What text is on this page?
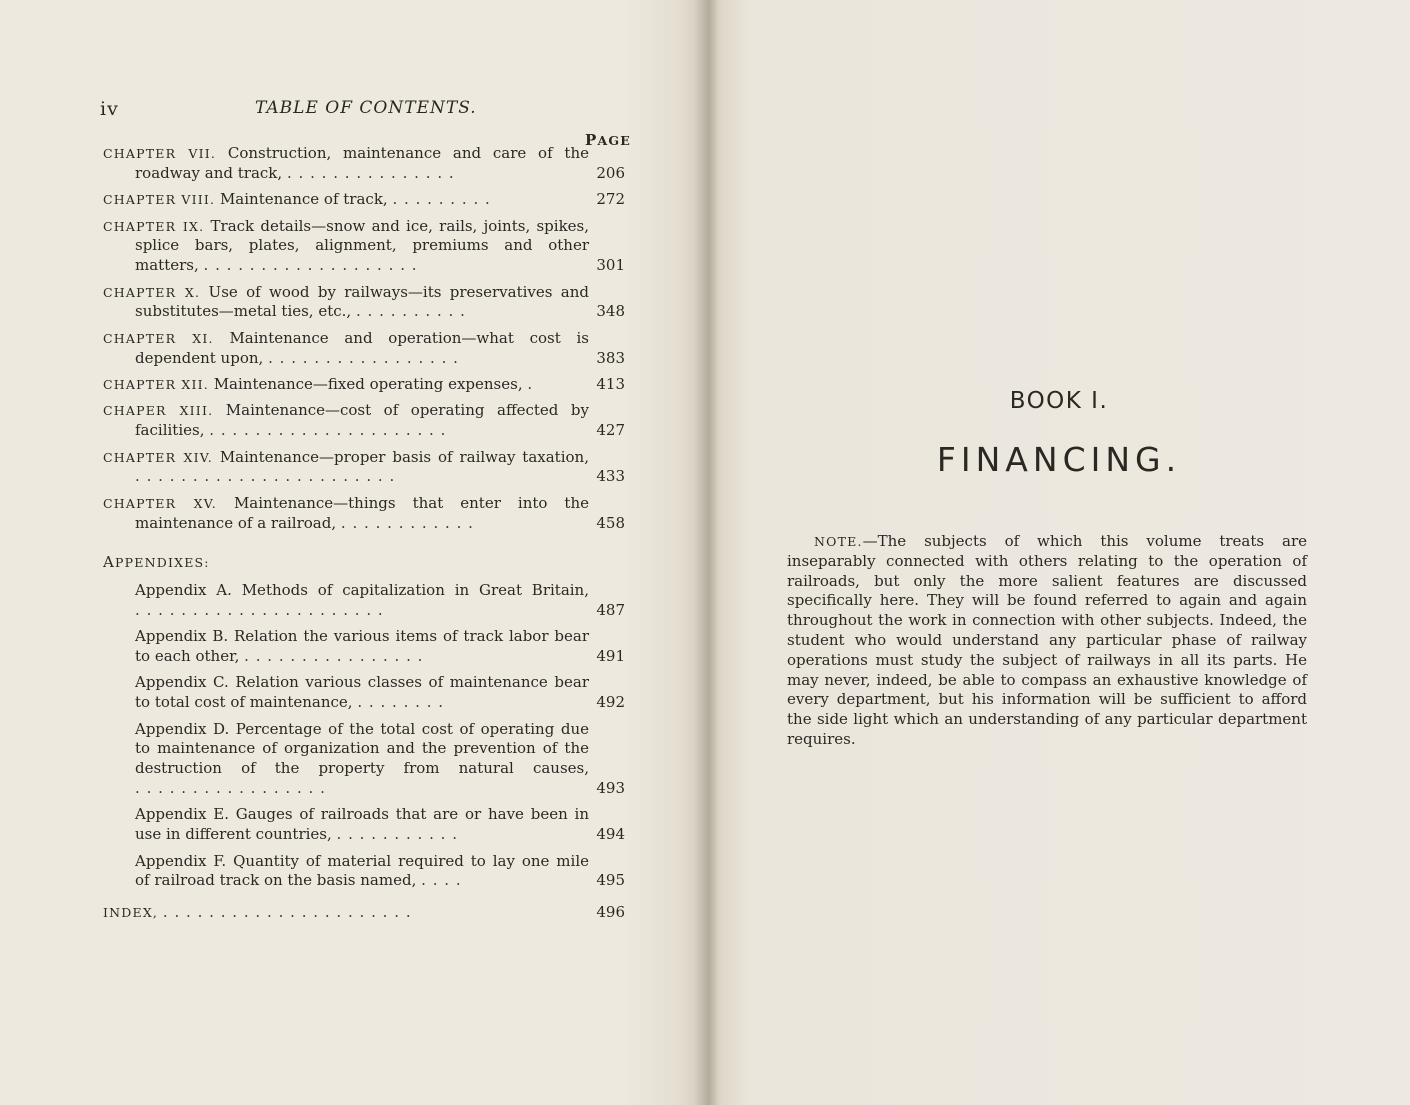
iv	TABLE OF CONTENTS.
PAGE
CHAPTER VII. Construction, maintenance and care of the roadway and track, ...............	206
CHAPTER VIII. Maintenance of track, .........	272
CHAPTER IX. Track details—snow and ice, rails, joints, spikes, splice bars, plates, alignment, premiums and other matters, ...................	301
CHAPTER X. Use of wood by railways—its preservatives and substitutes—metal ties, etc., ..........	348
CHAPTER XI. Maintenance and operation—what cost is dependent upon, .................	383
CHAPTER XII. Maintenance—fixed operating expenses, .	413
CHAPER XIII. Maintenance—cost of operating affected by facilities, .....................	427
CHAPTER XIV. Maintenance—proper basis of railway taxation, .......................	433
CHAPTER XV. Maintenance—things that enter into the maintenance of a railroad, ............	458
APPENDIXES:
Appendix A. Methods of capitalization in Great Britain, ......................	487
Appendix B. Relation the various items of track labor bear to each other, ................	491
Appendix C. Relation various classes of maintenance bear to total cost of maintenance, ........	492
Appendix D. Percentage of the total cost of operating due to maintenance of organization and the prevention of the destruction of the property from natural causes, .................	493
Appendix E. Gauges of railroads that are or have been in use in different countries, ...........	494
Appendix F. Quantity of material required to lay one mile of railroad track on the basis named, ....	495
INDEX, ......................	496
BOOK I.
FINANCING.

NOTE.—The subjects of which this volume treats are inseparably connected with others relating to the operation of railroads, but only the more salient features are discussed specifically here. They will be found referred to again and again throughout the work in connection with other subjects. Indeed, the student who would understand any particular phase of railway operations must study the subject of railways in all its parts. He may never, indeed, be able to compass an exhaustive knowledge of every department, but his information will be sufficient to afford the side light which an understanding of any particular department requires.
